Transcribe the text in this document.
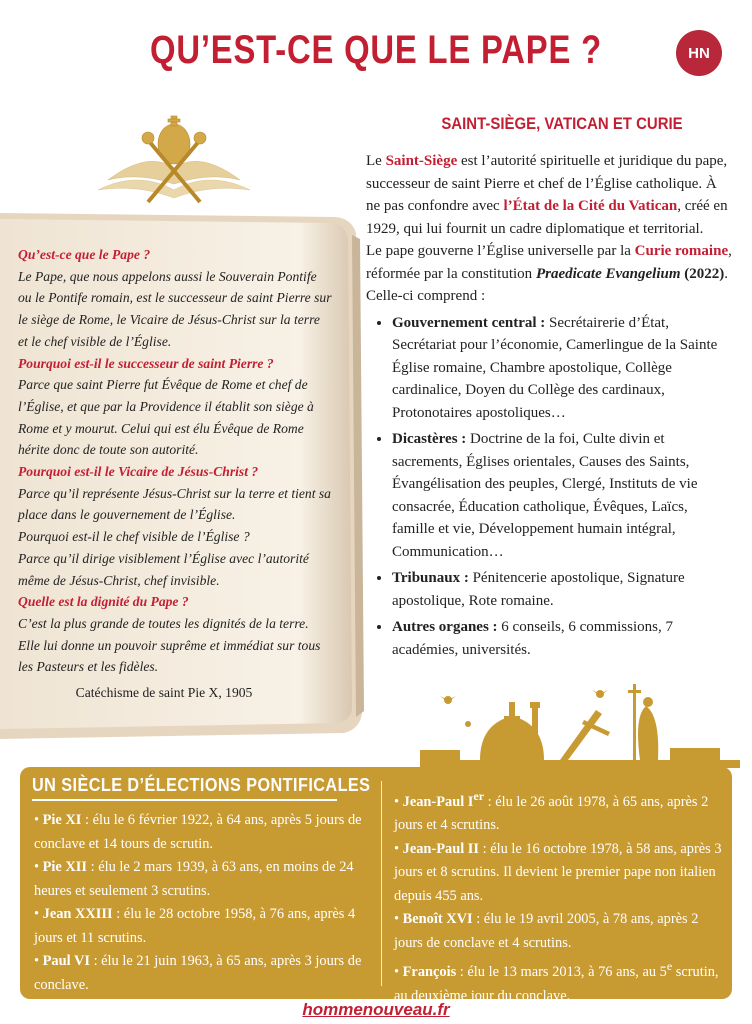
QU’EST-CE QUE LE PAPE ?	HN
SAINT-SIÈGE, VATICAN ET CURIE

Le Saint-Siège est l’autorité spirituelle et juridique du pape, successeur de saint Pierre et chef de l’Église catholique. À ne pas confondre avec l’État de la Cité du Vatican, créé en 1929, qui lui fournit un cadre diplomatique et territorial.

Le pape gouverne l’Église universelle par la Curie romaine, réformée par la constitution Praedicate Evangelium (2022). Celle-ci comprend :

• Gouvernement central : Secrétairerie d’État, Secrétariat pour l’économie, Camerlingue de la Sainte Église romaine, Chambre apostolique, Collège cardinalice, Doyen du Collège des cardinaux, Protonotaires apostoliques…
• Dicastères : Doctrine de la foi, Culte divin et sacrements, Églises orientales, Causes des Saints, Évangélisation des peuples, Clergé, Instituts de vie consacrée, Éducation catholique, Évêques, Laïcs, famille et vie, Développement humain intégral, Communication…
• Tribunaux : Pénitencerie apostolique, Signature apostolique, Rote romaine.
• Autres organes : 6 conseils, 6 commissions, 7 académies, universités.
Qu’est-ce que le Pape ?
Le Pape, que nous appelons aussi le Souverain Pontife
ou le Pontife romain, est le successeur de saint Pierre sur
le siège de Rome, le Vicaire de Jésus-Christ sur la terre
et le chef visible de l’Église.
Pourquoi est-il le successeur de saint Pierre ?
Parce que saint Pierre fut Évêque de Rome et chef de
l’Église, et que par la Providence il établit son siège à
Rome et y mourut. Celui qui est élu Évêque de Rome
hérite donc de toute son autorité.
Pourquoi est-il le Vicaire de Jésus-Christ ?
Parce qu’il représente Jésus-Christ sur la terre et tient sa
place dans le gouvernement de l’Église.
Pourquoi est-il le chef visible de l’Église ?
Parce qu’il dirige visiblement l’Église avec l’autorité
même de Jésus-Christ, chef invisible.
Quelle est la dignité du Pape ?
C’est la plus grande de toutes les dignités de la terre.
Elle lui donne un pouvoir suprême et immédiat sur tous
les Pasteurs et les fidèles.
Catéchisme de saint Pie X, 1905
UN SIÈCLE D’ÉLECTIONS PONTIFICALES

• Pie XI : élu le 6 février 1922, à 64 ans, après 5 jours de conclave et 14 tours de scrutin.

• Pie XII : élu le 2 mars 1939, à 63 ans, en moins de 24 heures et seulement 3 scrutins.

• Jean XXIII : élu le 28 octobre 1958, à 76 ans, après 4 jours et 11 scrutins.

• Paul VI : élu le 21 juin 1963, à 65 ans, après 3 jours de conclave.

• Jean-Paul Ier : élu le 26 août 1978, à 65 ans, après 2 jours et 4 scrutins.

• Jean-Paul II : élu le 16 octobre 1978, à 58 ans, après 3 jours et 8 scrutins. Il devient le premier pape non italien depuis 455 ans.

• Benoît XVI : élu le 19 avril 2005, à 78 ans, après 2 jours de conclave et 4 scrutins.

• François : élu le 13 mars 2013, à 76 ans, au 5e scrutin, au deuxième jour du conclave.

hommenouveau.fr
